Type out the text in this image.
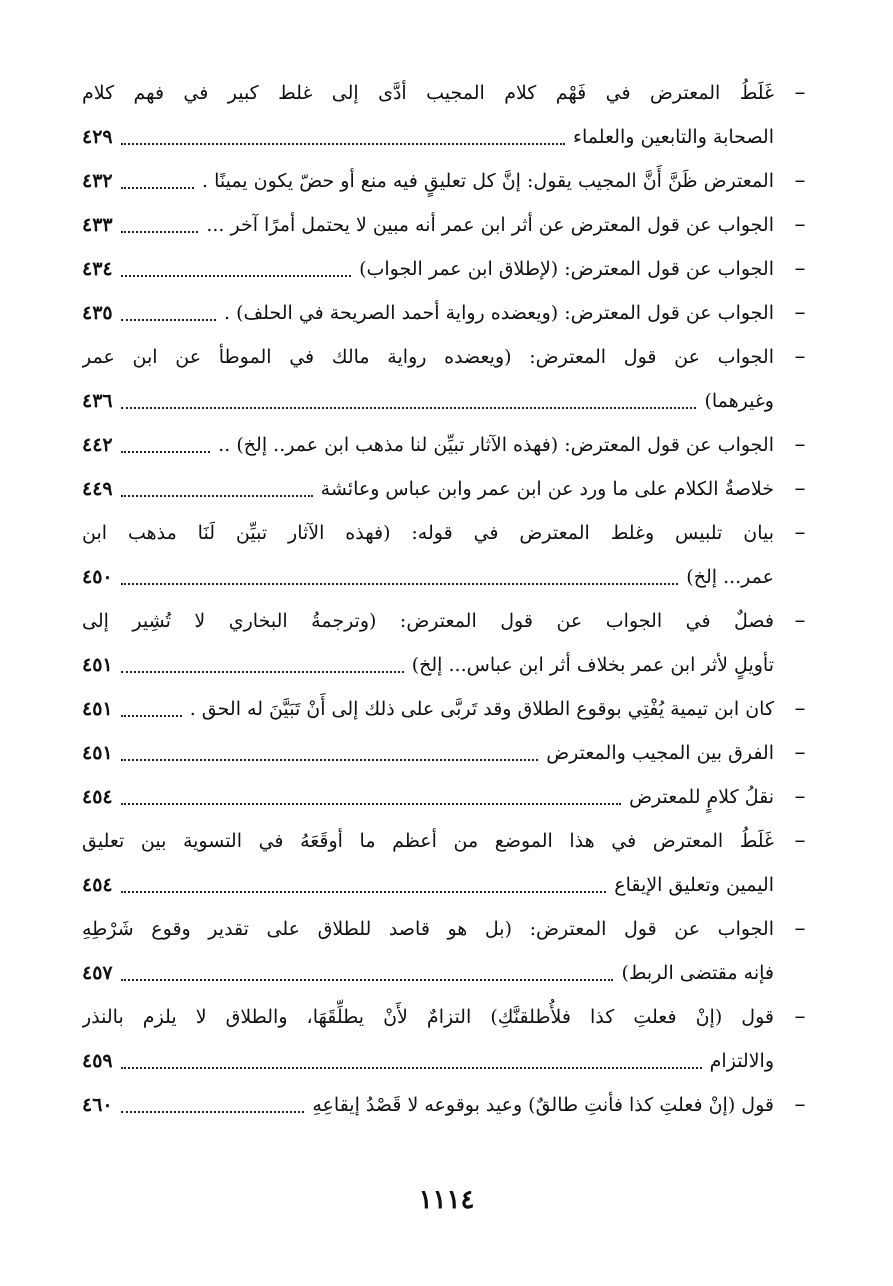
–
غَلَطُ المعترض في فَهْم كلام المجيب أدَّى إلى غلط كبير في فهم كلام
الصحابة والتابعين والعلماء
٤٢٩
–
المعترض ظَنَّ أَنَّ المجيب يقول: إنَّ كل تعليقٍ فيه منع أو حضّ يكون يمينًا .
٤٣٢
–
الجواب عن قول المعترض عن أثر ابن عمر أنه مبين لا يحتمل أمرًا آخر ...
٤٣٣
–
الجواب عن قول المعترض: (لإطلاق ابن عمر الجواب)
٤٣٤
–
الجواب عن قول المعترض: (ويعضده رواية أحمد الصريحة في الحلف) .
٤٣٥
–
الجواب عن قول المعترض: (ويعضده رواية مالك في الموطأ عن ابن عمر
وغيرهما)
٤٣٦
–
الجواب عن قول المعترض: (فهذه الآثار تبيِّن لنا مذهب ابن عمر.. إلخ) ..
٤٤٢
–
خلاصةُ الكلام على ما ورد عن ابن عمر وابن عباس وعائشة
٤٤٩
–
بيان تلبيس وغلط المعترض في قوله: (فهذه الآثار تبيِّن لَنَا مذهب ابن
عمر... إلخ)
٤٥٠
–
فصلٌ في الجواب عن قول المعترض: (وترجمةُ البخاري لا تُشِير إلى
تأويلٍ لأثر ابن عمر بخلاف أثر ابن عباس... إلخ)
٤٥١
–
كان ابن تيمية يُفْتِي بوقوع الطلاق وقد تَربَّى على ذلك إلى أَنْ تَبَيَّنَ له الحق .
٤٥١
–
الفرق بين المجيب والمعترض
٤٥١
–
نقلُ كلامٍ للمعترض
٤٥٤
–
غَلَطُ المعترض في هذا الموضع من أعظم ما أوقَعَهُ في التسوية بين تعليق
اليمين وتعليق الإيقاع
٤٥٤
–
الجواب عن قول المعترض: (بل هو قاصد للطلاق على تقدير وقوع شَرْطِهِ
فإنه مقتضى الربط)
٤٥٧
–
قول (إنْ فعلتِ كذا فلأُطلقنَّكِ) التزامٌ لأَنْ يطلِّقَهَا، والطلاق لا يلزم بالنذر
والالتزام
٤٥٩
–
قول (إنْ فعلتِ كذا فأنتِ طالقٌ) وعيد بوقوعه لا قَصْدُ إيقاعِهِ
٤٦٠
١١١٤
